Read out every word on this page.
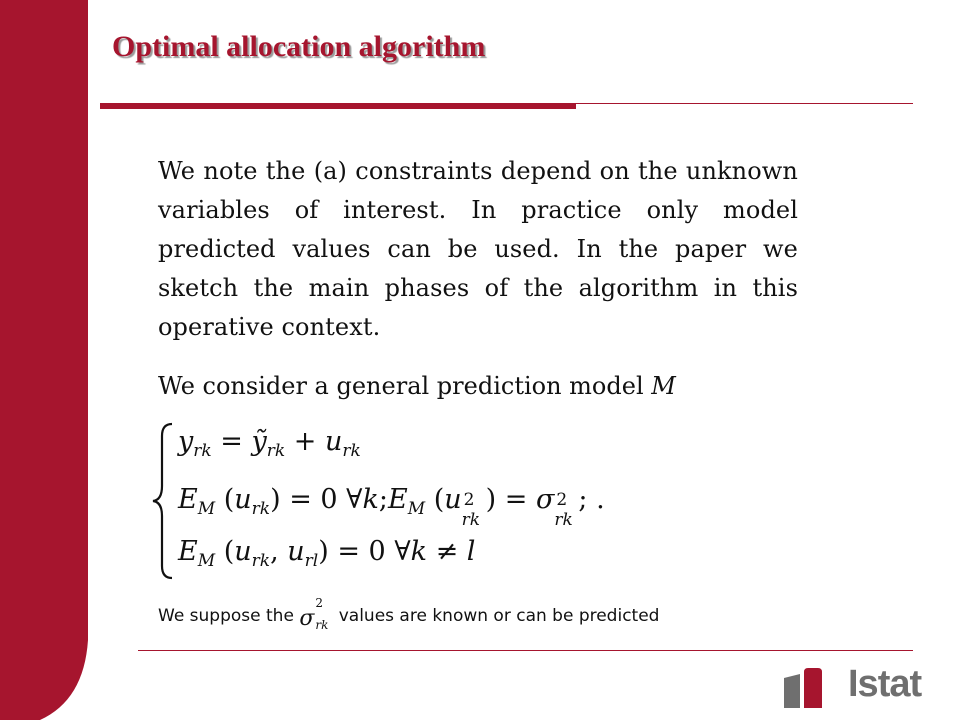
Optimal allocation algorithm
We note the (a) constraints depend on the unknown variables of interest. In practice only model predicted values can be used. In the paper we sketch the main phases of the algorithm in this operative context.
We consider a general prediction model M
$y_{rk}$ = $ỹ_{rk} + u_{rk}$
$E_M$ $(u_{rk}) = 0$ $\forall k;E_M$ (u 2
rk
) = σ 2
rk
; .
$E_M$ ($u_{rk}$, $u_{rl}) = 0$ ∀k ≠ l
We suppose the σ
2
rk values are known or can be predicted
Istat
